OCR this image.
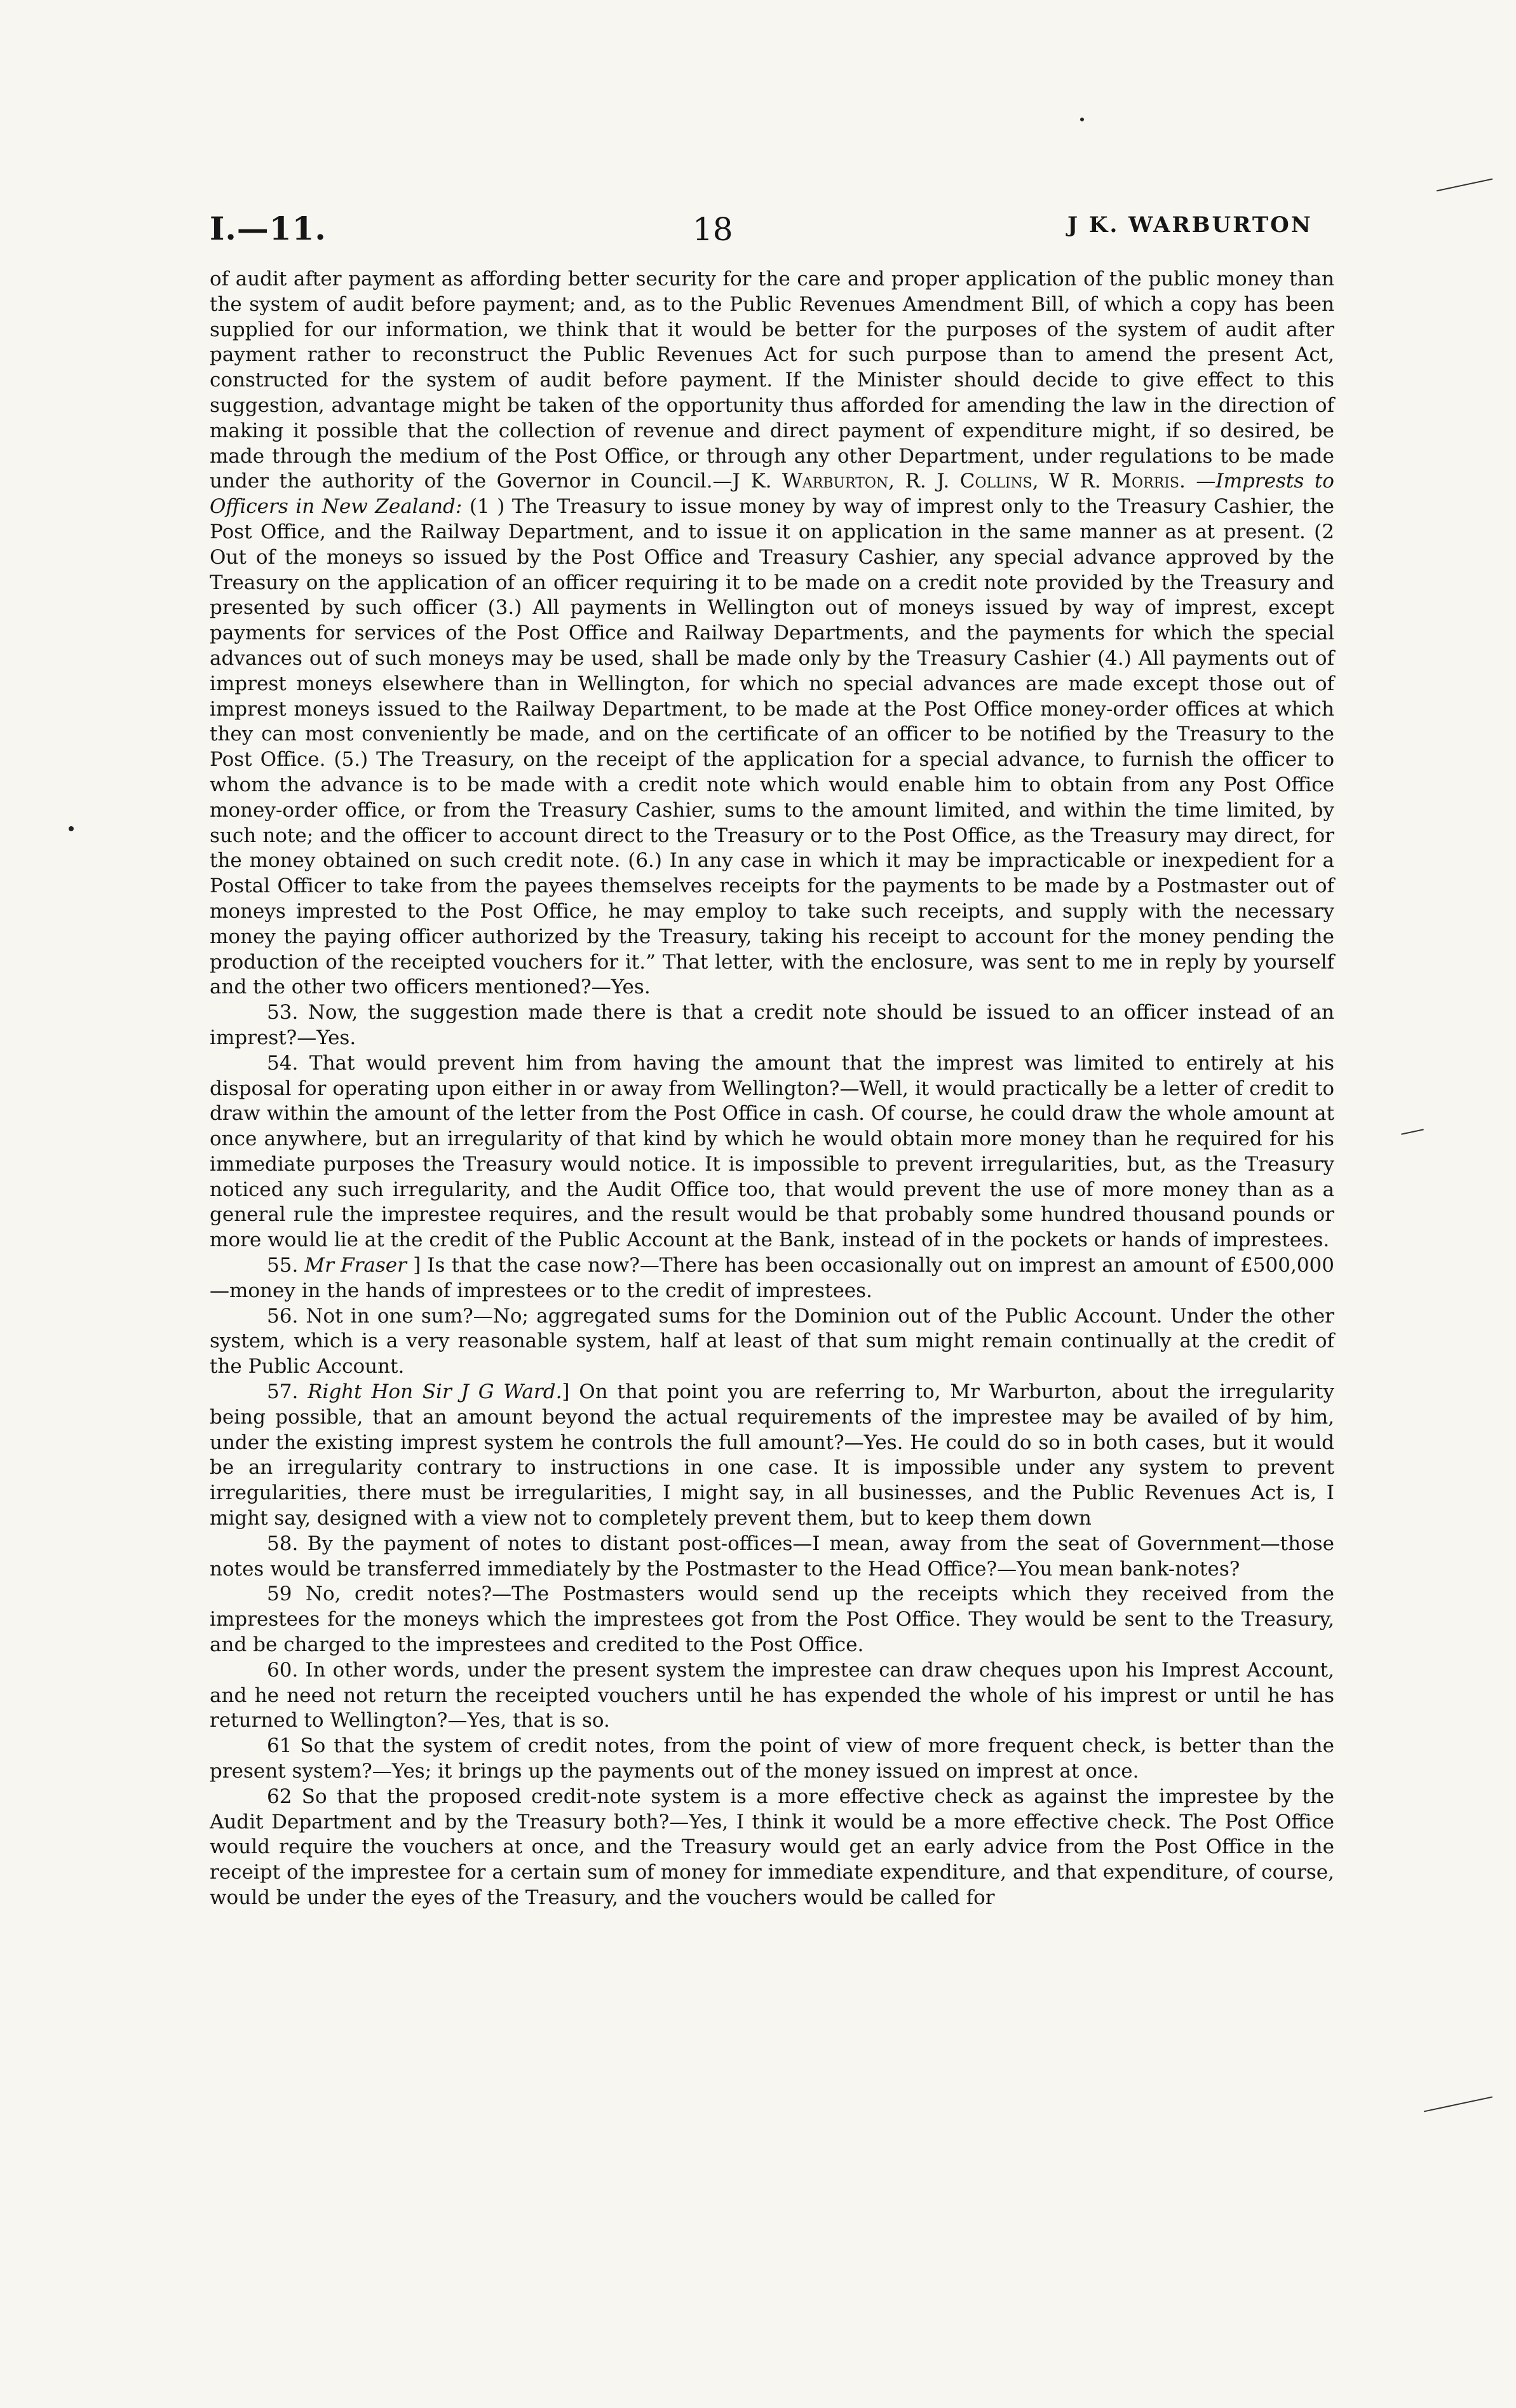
I.—11.	18	J K. WARBURTON

of audit after payment as affording better security for the care and proper application of the public money than the system of audit before payment; and, as to the Public Revenues Amendment Bill, of which a copy has been supplied for our information, we think that it would be better for the purposes of the system of audit after payment rather to reconstruct the Public Revenues Act for such purpose than to amend the present Act, constructed for the system of audit before payment. If the Minister should decide to give effect to this suggestion, advantage might be taken of the opportunity thus afforded for amending the law in the direction of making it possible that the collection of revenue and direct payment of expenditure might, if so desired, be made through the medium of the Post Office, or through any other Department, under regulations to be made under the authority of the Governor in Council.—J K. Warburton, R. J. Collins, W R. Morris. —Imprests to Officers in New Zealand: (1 ) The Treasury to issue money by way of imprest only to the Treasury Cashier, the Post Office, and the Railway Department, and to issue it on application in the same manner as at present. (2 Out of the moneys so issued by the Post Office and Treasury Cashier, any special advance approved by the Treasury on the application of an officer requiring it to be made on a credit note provided by the Treasury and presented by such officer (3.) All payments in Wellington out of moneys issued by way of imprest, except payments for services of the Post Office and Railway Departments, and the payments for which the special advances out of such moneys may be used, shall be made only by the Treasury Cashier (4.) All payments out of imprest moneys elsewhere than in Wellington, for which no special advances are made except those out of imprest moneys issued to the Railway Department, to be made at the Post Office money-order offices at which they can most conveniently be made, and on the certificate of an officer to be notified by the Treasury to the Post Office. (5.) The Treasury, on the receipt of the application for a special advance, to furnish the officer to whom the advance is to be made with a credit note which would enable him to obtain from any Post Office money-order office, or from the Treasury Cashier, sums to the amount limited, and within the time limited, by such note; and the officer to account direct to the Treasury or to the Post Office, as the Treasury may direct, for the money obtained on such credit note. (6.) In any case in which it may be impracticable or inexpedient for a Postal Officer to take from the payees themselves receipts for the payments to be made by a Postmaster out of moneys imprested to the Post Office, he may employ to take such receipts, and supply with the necessary money the paying officer authorized by the Treasury, taking his receipt to account for the money pending the production of the receipted vouchers for it.” That letter, with the enclosure, was sent to me in reply by yourself and the other two officers mentioned?—Yes.

53. Now, the suggestion made there is that a credit note should be issued to an officer instead of an imprest?—Yes.

54. That would prevent him from having the amount that the imprest was limited to entirely at his disposal for operating upon either in or away from Wellington?—Well, it would practically be a letter of credit to draw within the amount of the letter from the Post Office in cash. Of course, he could draw the whole amount at once anywhere, but an irregularity of that kind by which he would obtain more money than he required for his immediate purposes the Treasury would notice. It is impossible to prevent irregularities, but, as the Treasury noticed any such irregularity, and the Audit Office too, that would prevent the use of more money than as a general rule the imprestee requires, and the result would be that probably some hundred thousand pounds or more would lie at the credit of the Public Account at the Bank, instead of in the pockets or hands of imprestees.

55. Mr Fraser ] Is that the case now?—There has been occasionally out on imprest an amount of £500,000—money in the hands of imprestees or to the credit of imprestees.

56. Not in one sum?—No; aggregated sums for the Dominion out of the Public Account. Under the other system, which is a very reasonable system, half at least of that sum might remain continually at the credit of the Public Account.

57. Right Hon Sir J G Ward.] On that point you are referring to, Mr Warburton, about the irregularity being possible, that an amount beyond the actual requirements of the imprestee may be availed of by him, under the existing imprest system he controls the full amount?—Yes. He could do so in both cases, but it would be an irregularity contrary to instructions in one case. It is impossible under any system to prevent irregularities, there must be irregularities, I might say, in all businesses, and the Public Revenues Act is, I might say, designed with a view not to completely prevent them, but to keep them down

58. By the payment of notes to distant post-offices—I mean, away from the seat of Government—those notes would be transferred immediately by the Postmaster to the Head Office?—You mean bank-notes?

59 No, credit notes?—The Postmasters would send up the receipts which they received from the imprestees for the moneys which the imprestees got from the Post Office. They would be sent to the Treasury, and be charged to the imprestees and credited to the Post Office.

60. In other words, under the present system the imprestee can draw cheques upon his Imprest Account, and he need not return the receipted vouchers until he has expended the whole of his imprest or until he has returned to Wellington?—Yes, that is so.

61 So that the system of credit notes, from the point of view of more frequent check, is better than the present system?—Yes; it brings up the payments out of the money issued on imprest at once.

62 So that the proposed credit-note system is a more effective check as against the imprestee by the Audit Department and by the Treasury both?—Yes, I think it would be a more effective check. The Post Office would require the vouchers at once, and the Treasury would get an early advice from the Post Office in the receipt of the imprestee for a certain sum of money for immediate expenditure, and that expenditure, of course, would be under the eyes of the Treasury, and the vouchers would be called for
